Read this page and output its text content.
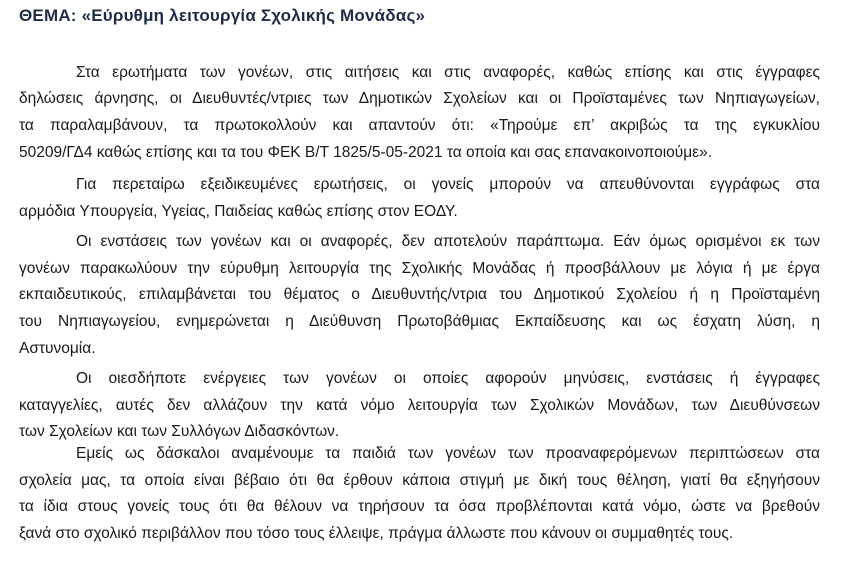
ΘΕΜΑ: «Εύρυθμη λειτουργία Σχολικής Μονάδας»
Στα ερωτήματα των γονέων, στις αιτήσεις και στις αναφορές, καθώς επίσης και στις έγγραφες
δηλώσεις άρνησης, οι Διευθυντές/ντριες των Δημοτικών Σχολείων και οι Προϊσταμένες των Νηπιαγωγείων,
τα παραλαμβάνουν, τα πρωτοκολλούν και απαντούν ότι: «Τηρούμε επ’ ακριβώς τα της εγκυκλίου
50209/ΓΔ4 καθώς επίσης και τα του ΦΕΚ Β/Τ 1825/5-05-2021 τα οποία και σας επανακοινοποιούμε».
Για περεταίρω εξειδικευμένες ερωτήσεις, οι γονείς μπορούν να απευθύνονται εγγράφως στα
αρμόδια Υπουργεία, Υγείας, Παιδείας καθώς επίσης στον ΕΟΔΥ.
Οι ενστάσεις των γονέων και οι αναφορές, δεν αποτελούν παράπτωμα. Εάν όμως ορισμένοι εκ των
γονέων παρακωλύουν την εύρυθμη λειτουργία της Σχολικής Μονάδας ή προσβάλλουν με λόγια ή με έργα
εκπαιδευτικούς, επιλαμβάνεται του θέματος ο Διευθυντής/ντρια του Δημοτικού Σχολείου ή η Προϊσταμένη
του Νηπιαγωγείου, ενημερώνεται η Διεύθυνση Πρωτοβάθμιας Εκπαίδευσης και ως έσχατη λύση, η
Αστυνομία.
Οι οιεσδήποτε ενέργειες των γονέων οι οποίες αφορούν μηνύσεις, ενστάσεις ή έγγραφες
καταγγελίες, αυτές δεν αλλάζουν την κατά νόμο λειτουργία των Σχολικών Μονάδων, των Διευθύνσεων
των Σχολείων και των Συλλόγων Διδασκόντων.
Εμείς ως δάσκαλοι αναμένουμε τα παιδιά των γονέων των προαναφερόμενων περιπτώσεων στα
σχολεία μας, τα οποία είναι βέβαιο ότι θα έρθουν κάποια στιγμή με δική τους θέληση, γιατί θα εξηγήσουν
τα ίδια στους γονείς τους ότι θα θέλουν να τηρήσουν τα όσα προβλέπονται κατά νόμο, ώστε να βρεθούν
ξανά στο σχολικό περιβάλλον που τόσο τους έλλειψε, πράγμα άλλωστε που κάνουν οι συμμαθητές τους.
